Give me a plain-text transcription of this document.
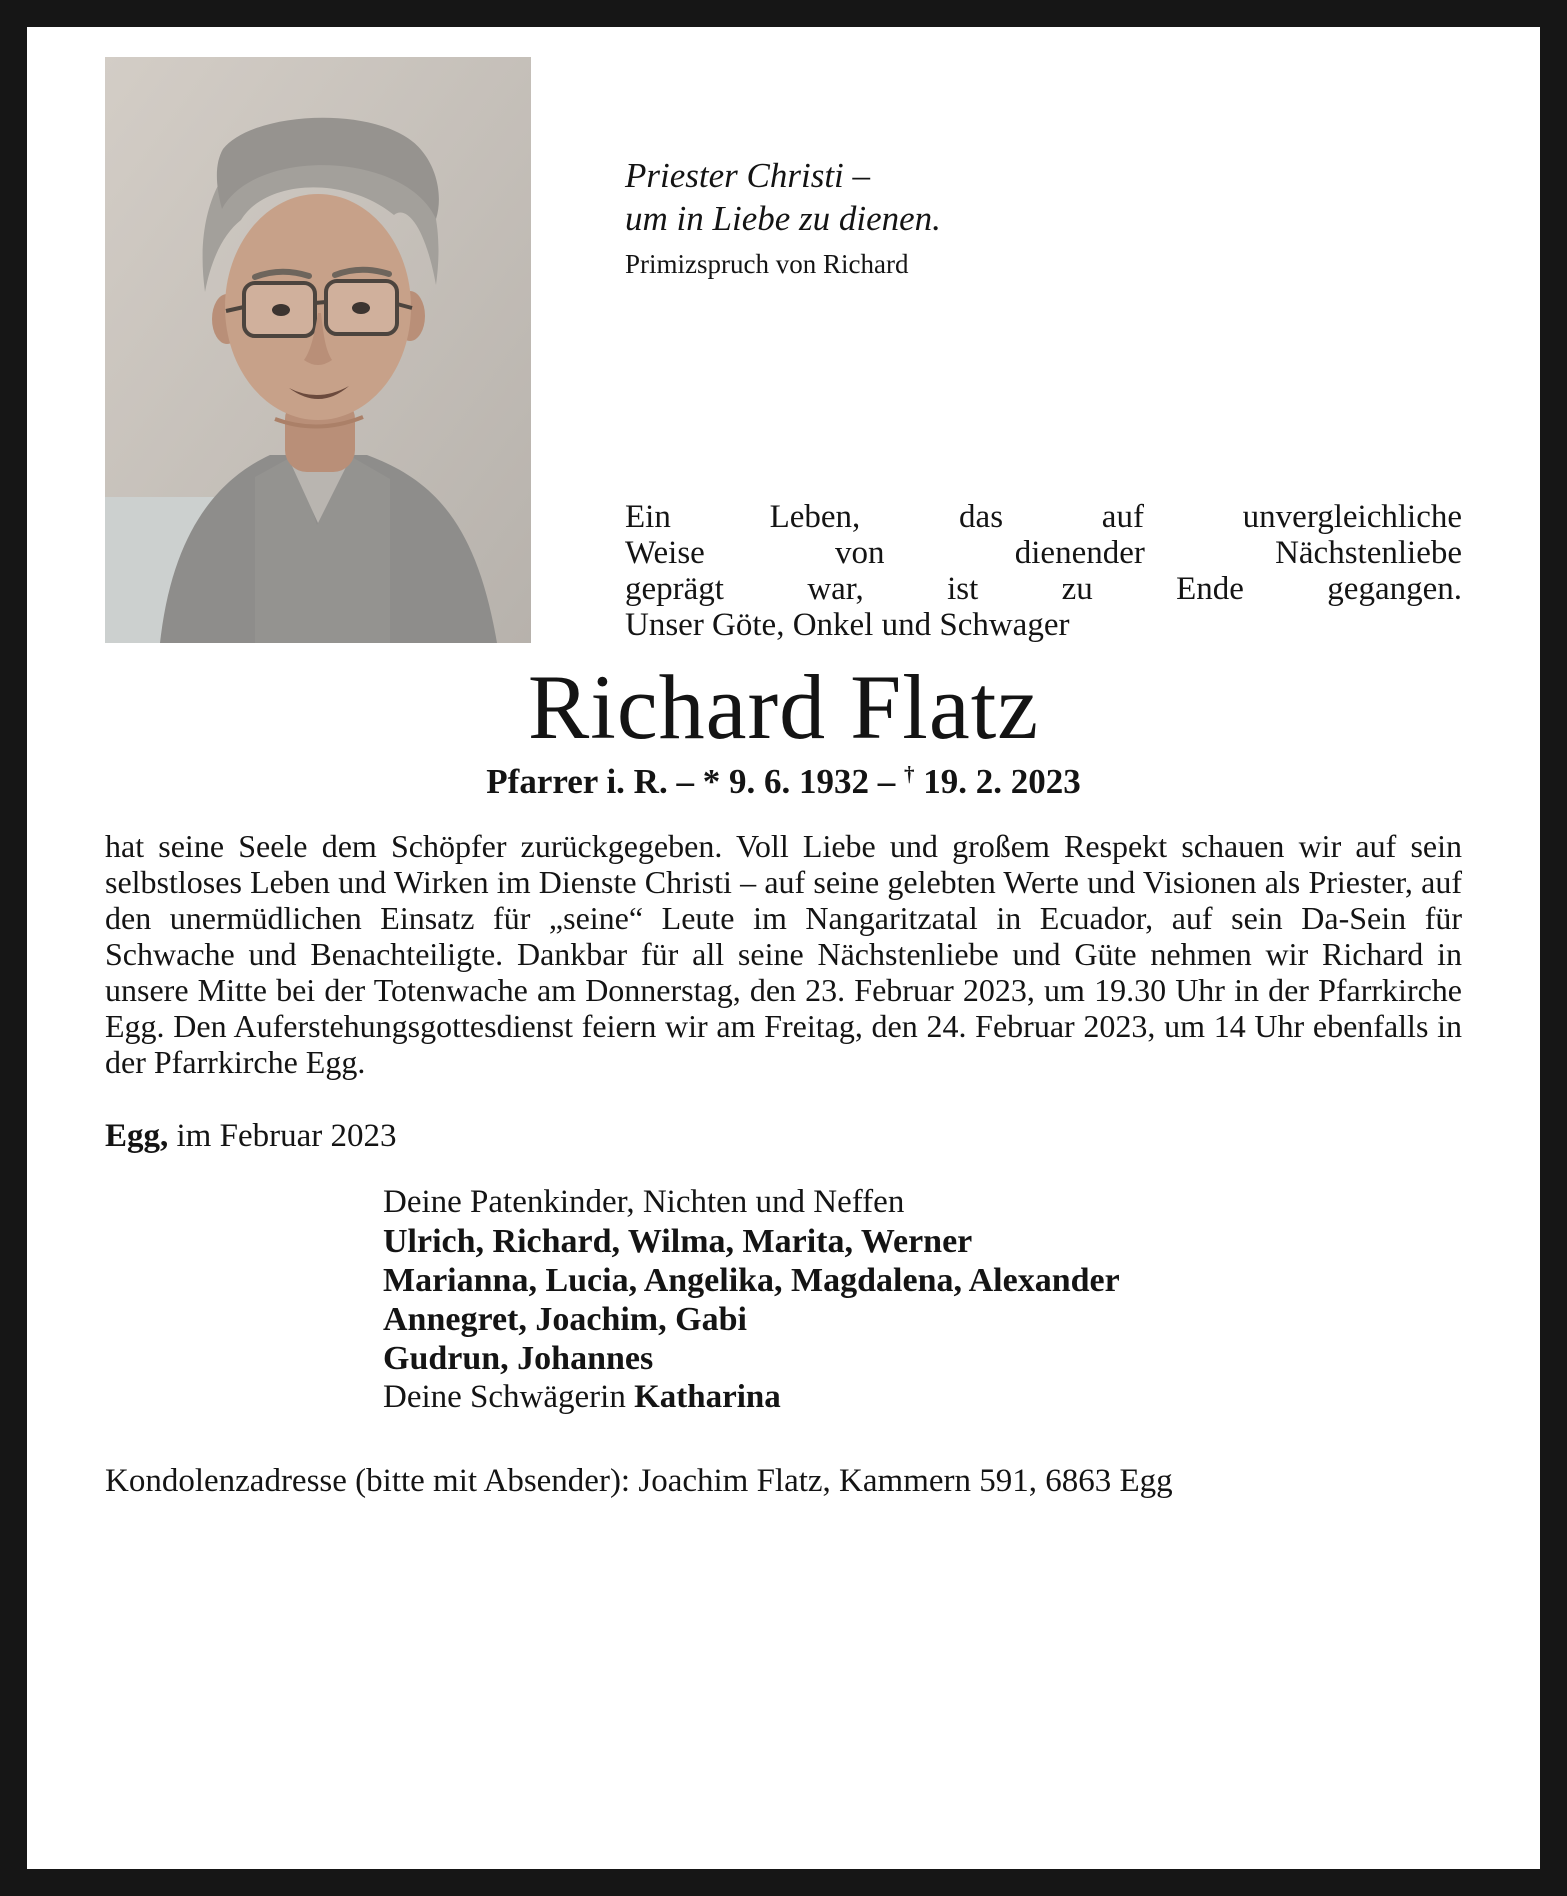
Priester Christi –
um in Liebe zu dienen.
Primizspruch von Richard
Ein Leben, das auf unvergleichliche
Weise von dienender Nächstenliebe
geprägt war, ist zu Ende gegangen.
Unser Göte, Onkel und Schwager
Richard Flatz
Pfarrer i. R. – * 9. 6. 1932 – † 19. 2. 2023

hat seine Seele dem Schöpfer zurückgegeben. Voll Liebe und großem Respekt schauen wir auf sein selbstloses Leben und Wirken im Dienste Christi – auf seine gelebten Werte und Visionen als Priester, auf den unermüdlichen Einsatz für „seine“ Leute im Nangaritzatal in Ecuador, auf sein Da-Sein für Schwache und Benachteiligte. Dankbar für all seine Nächstenliebe und Güte nehmen wir Richard in unsere Mitte bei der Totenwache am Donnerstag, den 23. Februar 2023, um 19.30 Uhr in der Pfarrkirche Egg. Den Auferstehungsgottesdienst feiern wir am Freitag, den 24. Februar 2023, um 14 Uhr ebenfalls in der Pfarrkirche Egg.

Egg, im Februar 2023

Deine Patenkinder, Nichten und Neffen
Ulrich, Richard, Wilma, Marita, Werner
Marianna, Lucia, Angelika, Magdalena, Alexander
Annegret, Joachim, Gabi
Gudrun, Johannes
Deine Schwägerin Katharina

Kondolenzadresse (bitte mit Absender): Joachim Flatz, Kammern 591, 6863 Egg
